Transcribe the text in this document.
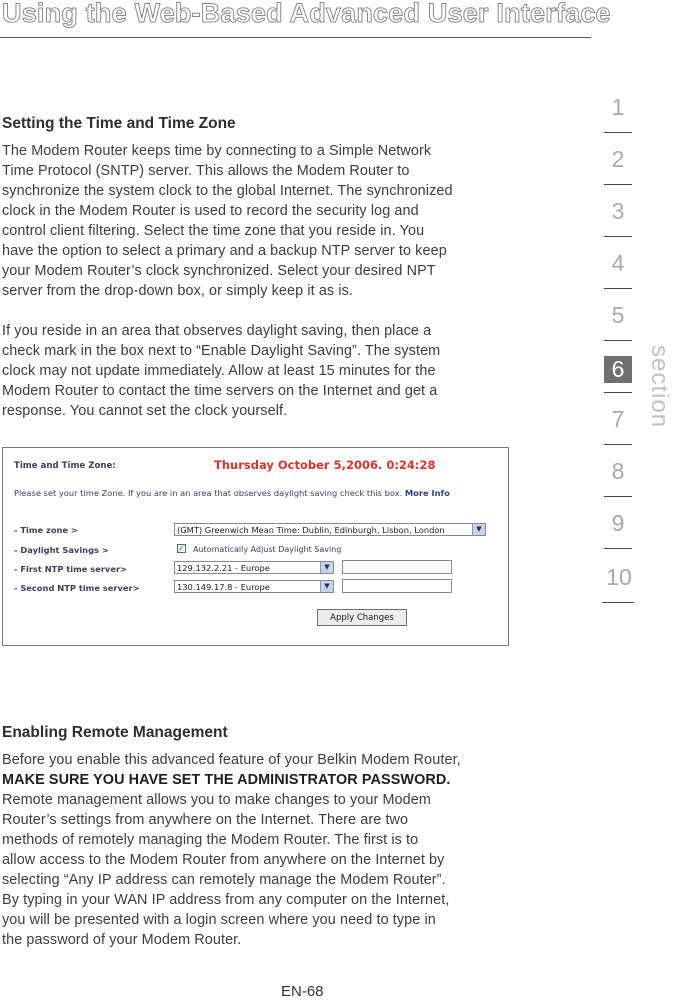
Using the Web-Based Advanced User Interface
Setting the Time and Time Zone

The Modem Router keeps time by connecting to a Simple Network
Time Protocol (SNTP) server. This allows the Modem Router to
synchronize the system clock to the global Internet. The synchronized
clock in the Modem Router is used to record the security log and
control client filtering. Select the time zone that you reside in. You
have the option to select a primary and a backup NTP server to keep
your Modem Router’s clock synchronized. Select your desired NPT
server from the drop-down box, or simply keep it as is.

If you reside in an area that observes daylight saving, then place a
check mark in the box next to “Enable Daylight Saving”. The system
clock may not update immediately. Allow at least 15 minutes for the
Modem Router to contact the time servers on the Internet and get a
response. You cannot set the clock yourself.

Time and Time Zone:	Thursday October 5,2006. 0:24:28
Please set your time Zone. If you are in an area that observes daylight saving check this box. More Info
- Time zone >	(GMT) Greenwich Mean Time: Dublin, Edinburgh, Lisbon, London	▼
- Daylight Savings >	✓ Automatically Adjust Daylight Saving
- First NTP time server>	129.132.2.21 - Europe	▼
- Second NTP time server>	130.149.17.8 - Europe	▼
Apply Changes
Enabling Remote Management

Before you enable this advanced feature of your Belkin Modem Router,
MAKE SURE YOU HAVE SET THE ADMINISTRATOR PASSWORD.
Remote management allows you to make changes to your Modem
Router’s settings from anywhere on the Internet. There are two
methods of remotely managing the Modem Router. The first is to
allow access to the Modem Router from anywhere on the Internet by
selecting “Any IP address can remotely manage the Modem Router”.
By typing in your WAN IP address from any computer on the Internet,
you will be presented with a login screen where you need to type in
the password of your Modem Router.

1
2
3
4
5
6
7
8
9
10
section
EN-68
